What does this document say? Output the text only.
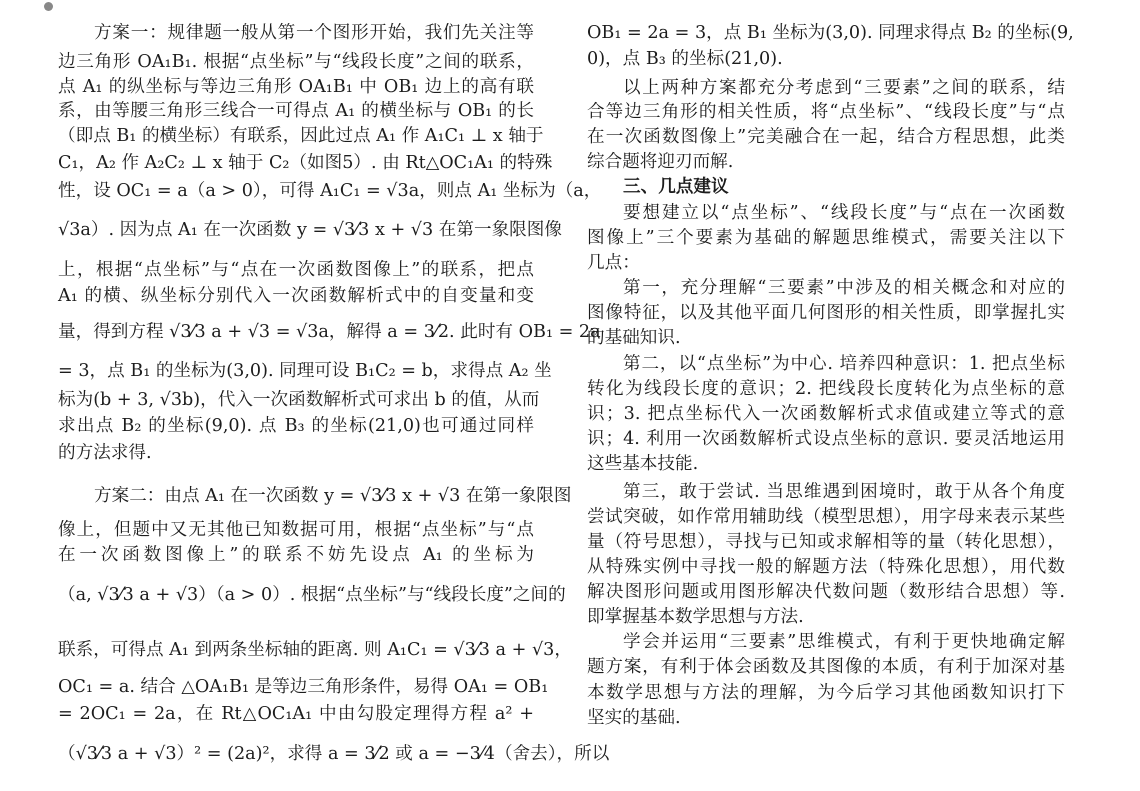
方案一：规律题一般从第一个图形开始，我们先关注等
边三角形 OA₁B₁. 根据“点坐标”与“线段长度”之间的联系，
点 A₁ 的纵坐标与等边三角形 OA₁B₁ 中 OB₁ 边上的高有联
系，由等腰三角形三线合一可得点 A₁ 的横坐标与 OB₁ 的长
（即点 B₁ 的横坐标）有联系，因此过点 A₁ 作 A₁C₁ ⊥ x 轴于
C₁，A₂ 作 A₂C₂ ⊥ x 轴于 C₂（如图5）. 由 Rt△OC₁A₁ 的特殊
性，设 OC₁ = a（a > 0），可得 A₁C₁ = √3a，则点 A₁ 坐标为（a，
√3a）. 因为点 A₁ 在一次函数 y = √3⁄3 x + √3 在第一象限图像
上，根据“点坐标”与“点在一次函数图像上”的联系，把点
A₁ 的横、纵坐标分别代入一次函数解析式中的自变量和变
量，得到方程 √3⁄3 a + √3 = √3a，解得 a = 3⁄2. 此时有 OB₁ = 2a
= 3，点 B₁ 的坐标为(3,0). 同理可设 B₁C₂ = b，求得点 A₂ 坐
标为(b + 3, √3b)，代入一次函数解析式可求出 b 的值，从而
求出点 B₂ 的坐标(9,0). 点 B₃ 的坐标(21,0)也可通过同样
的方法求得.
方案二：由点 A₁ 在一次函数 y = √3⁄3 x + √3 在第一象限图
像上，但题中又无其他已知数据可用，根据“点坐标”与“点
在一次函数图像上”的联系不妨先设点 A₁ 的坐标为
（a, √3⁄3 a + √3）（a > 0）. 根据“点坐标”与“线段长度”之间的
联系，可得点 A₁ 到两条坐标轴的距离. 则 A₁C₁ = √3⁄3 a + √3，
OC₁ = a. 结合 △OA₁B₁ 是等边三角形条件，易得 OA₁ = OB₁
= 2OC₁ = 2a，在 Rt△OC₁A₁ 中由勾股定理得方程 a² +
（√3⁄3 a + √3）² = (2a)²，求得 a = 3⁄2 或 a = −3⁄4（舍去），所以
OB₁ = 2a = 3，点 B₁ 坐标为(3,0). 同理求得点 B₂ 的坐标(9,
0)，点 B₃ 的坐标(21,0).
以上两种方案都充分考虑到“三要素”之间的联系，结
合等边三角形的相关性质，将“点坐标”、“线段长度”与“点
在一次函数图像上”完美融合在一起，结合方程思想，此类
综合题将迎刃而解.
三、几点建议
要想建立以“点坐标”、“线段长度”与“点在一次函数
图像上”三个要素为基础的解题思维模式，需要关注以下
几点：
第一，充分理解“三要素”中涉及的相关概念和对应的
图像特征，以及其他平面几何图形的相关性质，即掌握扎实
的基础知识.
第二，以“点坐标”为中心. 培养四种意识：1. 把点坐标
转化为线段长度的意识；2. 把线段长度转化为点坐标的意
识；3. 把点坐标代入一次函数解析式求值或建立等式的意
识；4. 利用一次函数解析式设点坐标的意识. 要灵活地运用
这些基本技能.
第三，敢于尝试. 当思维遇到困境时，敢于从各个角度
尝试突破，如作常用辅助线（模型思想），用字母来表示某些
量（符号思想），寻找与已知或求解相等的量（转化思想），
从特殊实例中寻找一般的解题方法（特殊化思想），用代数
解决图形问题或用图形解决代数问题（数形结合思想）等.
即掌握基本数学思想与方法.
学会并运用“三要素”思维模式，有利于更快地确定解
题方案，有利于体会函数及其图像的本质，有利于加深对基
本数学思想与方法的理解，为今后学习其他函数知识打下
坚实的基础.
